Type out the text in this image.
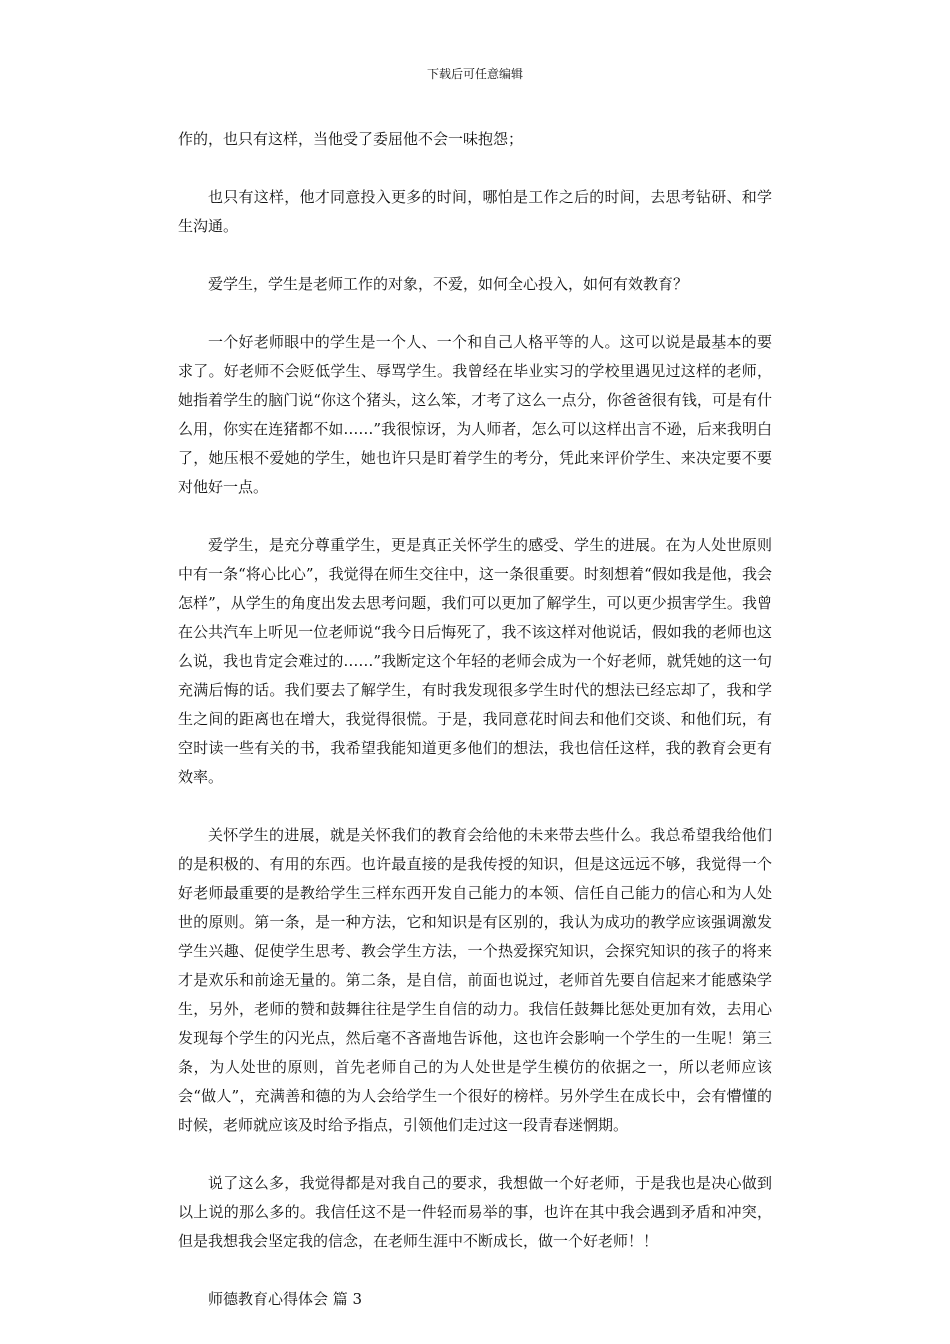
下载后可任意编辑

作的，也只有这样，当他受了委屈他不会一味抱怨；

也只有这样，他才同意投入更多的时间，哪怕是工作之后的时间，去思考钻研、和学生沟通。

爱学生，学生是老师工作的对象，不爱，如何全心投入，如何有效教育？

一个好老师眼中的学生是一个人、一个和自己人格平等的人。这可以说是最基本的要求了。好老师不会贬低学生、辱骂学生。我曾经在毕业实习的学校里遇见过这样的老师，她指着学生的脑门说“你这个猪头，这么笨，才考了这么一点分，你爸爸很有钱，可是有什么用，你实在连猪都不如……”我很惊讶，为人师者，怎么可以这样出言不逊，后来我明白了，她压根不爱她的学生，她也许只是盯着学生的考分，凭此来评价学生、来决定要不要对他好一点。

爱学生，是充分尊重学生，更是真正关怀学生的感受、学生的进展。在为人处世原则中有一条“将心比心”，我觉得在师生交往中，这一条很重要。时刻想着“假如我是他，我会怎样”，从学生的角度出发去思考问题，我们可以更加了解学生，可以更少损害学生。我曾在公共汽车上听见一位老师说“我今日后悔死了，我不该这样对他说话，假如我的老师也这么说，我也肯定会难过的……”我断定这个年轻的老师会成为一个好老师，就凭她的这一句充满后悔的话。我们要去了解学生，有时我发现很多学生时代的想法已经忘却了，我和学生之间的距离也在增大，我觉得很慌。于是，我同意花时间去和他们交谈、和他们玩，有空时读一些有关的书，我希望我能知道更多他们的想法，我也信任这样，我的教育会更有效率。

关怀学生的进展，就是关怀我们的教育会给他的未来带去些什么。我总希望我给他们的是积极的、有用的东西。也许最直接的是我传授的知识，但是这远远不够，我觉得一个好老师最重要的是教给学生三样东西开发自己能力的本领、信任自己能力的信心和为人处世的原则。第一条，是一种方法，它和知识是有区别的，我认为成功的教学应该强调激发学生兴趣、促使学生思考、教会学生方法，一个热爱探究知识，会探究知识的孩子的将来才是欢乐和前途无量的。第二条，是自信，前面也说过，老师首先要自信起来才能感染学生，另外，老师的赞和鼓舞往往是学生自信的动力。我信任鼓舞比惩处更加有效，去用心发现每个学生的闪光点，然后毫不吝啬地告诉他，这也许会影响一个学生的一生呢！第三条，为人处世的原则，首先老师自己的为人处世是学生模仿的依据之一，所以老师应该会“做人”，充满善和德的为人会给学生一个很好的榜样。另外学生在成长中，会有懵懂的时候，老师就应该及时给予指点，引领他们走过这一段青春迷惘期。

说了这么多，我觉得都是对我自己的要求，我想做一个好老师，于是我也是决心做到以上说的那么多的。我信任这不是一件轻而易举的事，也许在其中我会遇到矛盾和冲突，但是我想我会坚定我的信念，在老师生涯中不断成长，做一个好老师！！

师德教育心得体会 篇 3
